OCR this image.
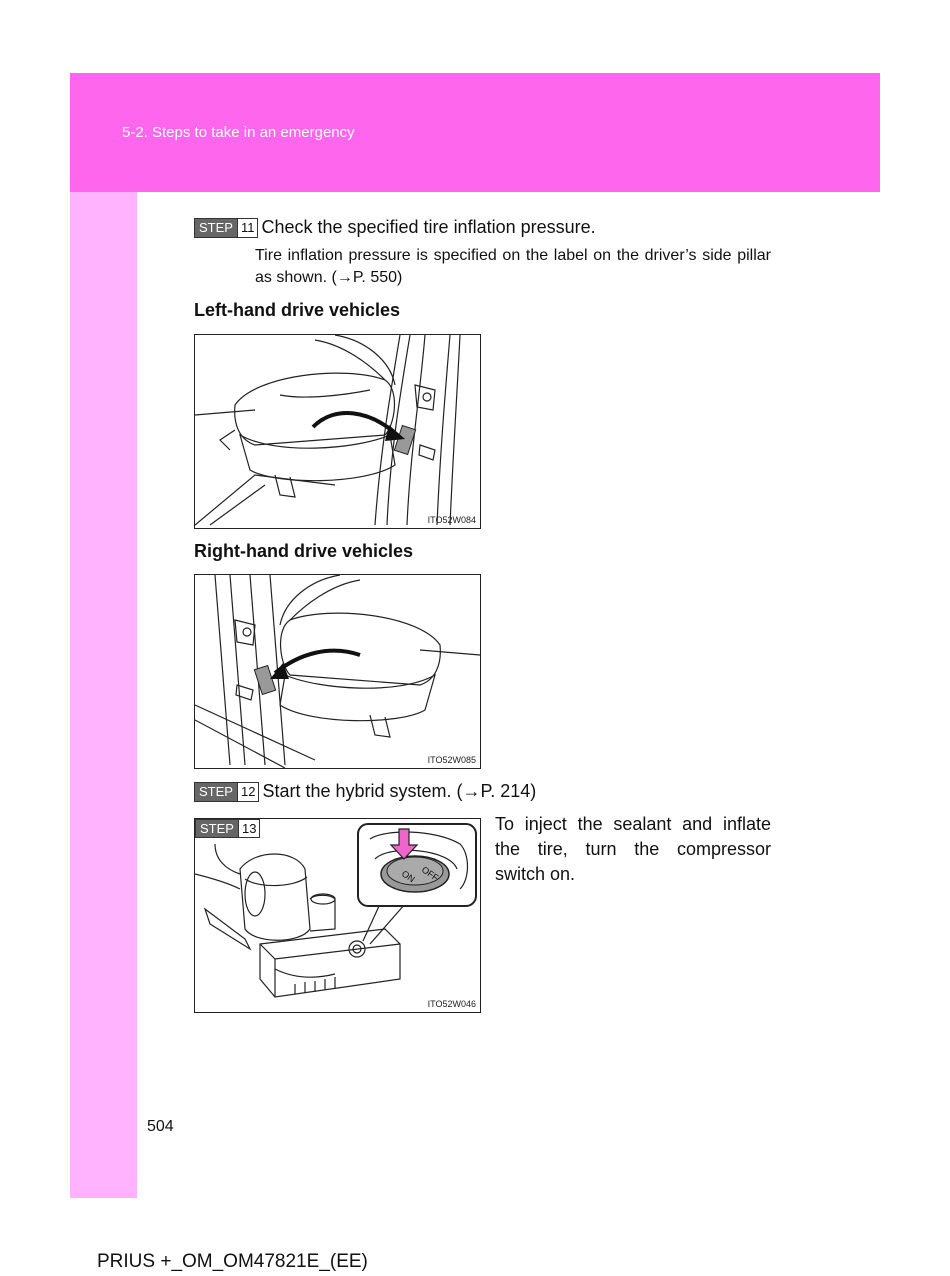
5-2. Steps to take in an emergency
STEP 11 Check the specified tire inflation pressure.
Tire inflation pressure is specified on the label on the driver’s side pillar as shown. (→P. 550)
Left-hand drive vehicles
ITO52W084
Right-hand drive vehicles
ITO52W085
STEP 12 Start the hybrid system. (→P. 214)
STEP 13
ON OFF
ITO52W046
To inject the sealant and inflate the tire, turn the compressor switch on.
504
PRIUS +_OM_OM47821E_(EE)
